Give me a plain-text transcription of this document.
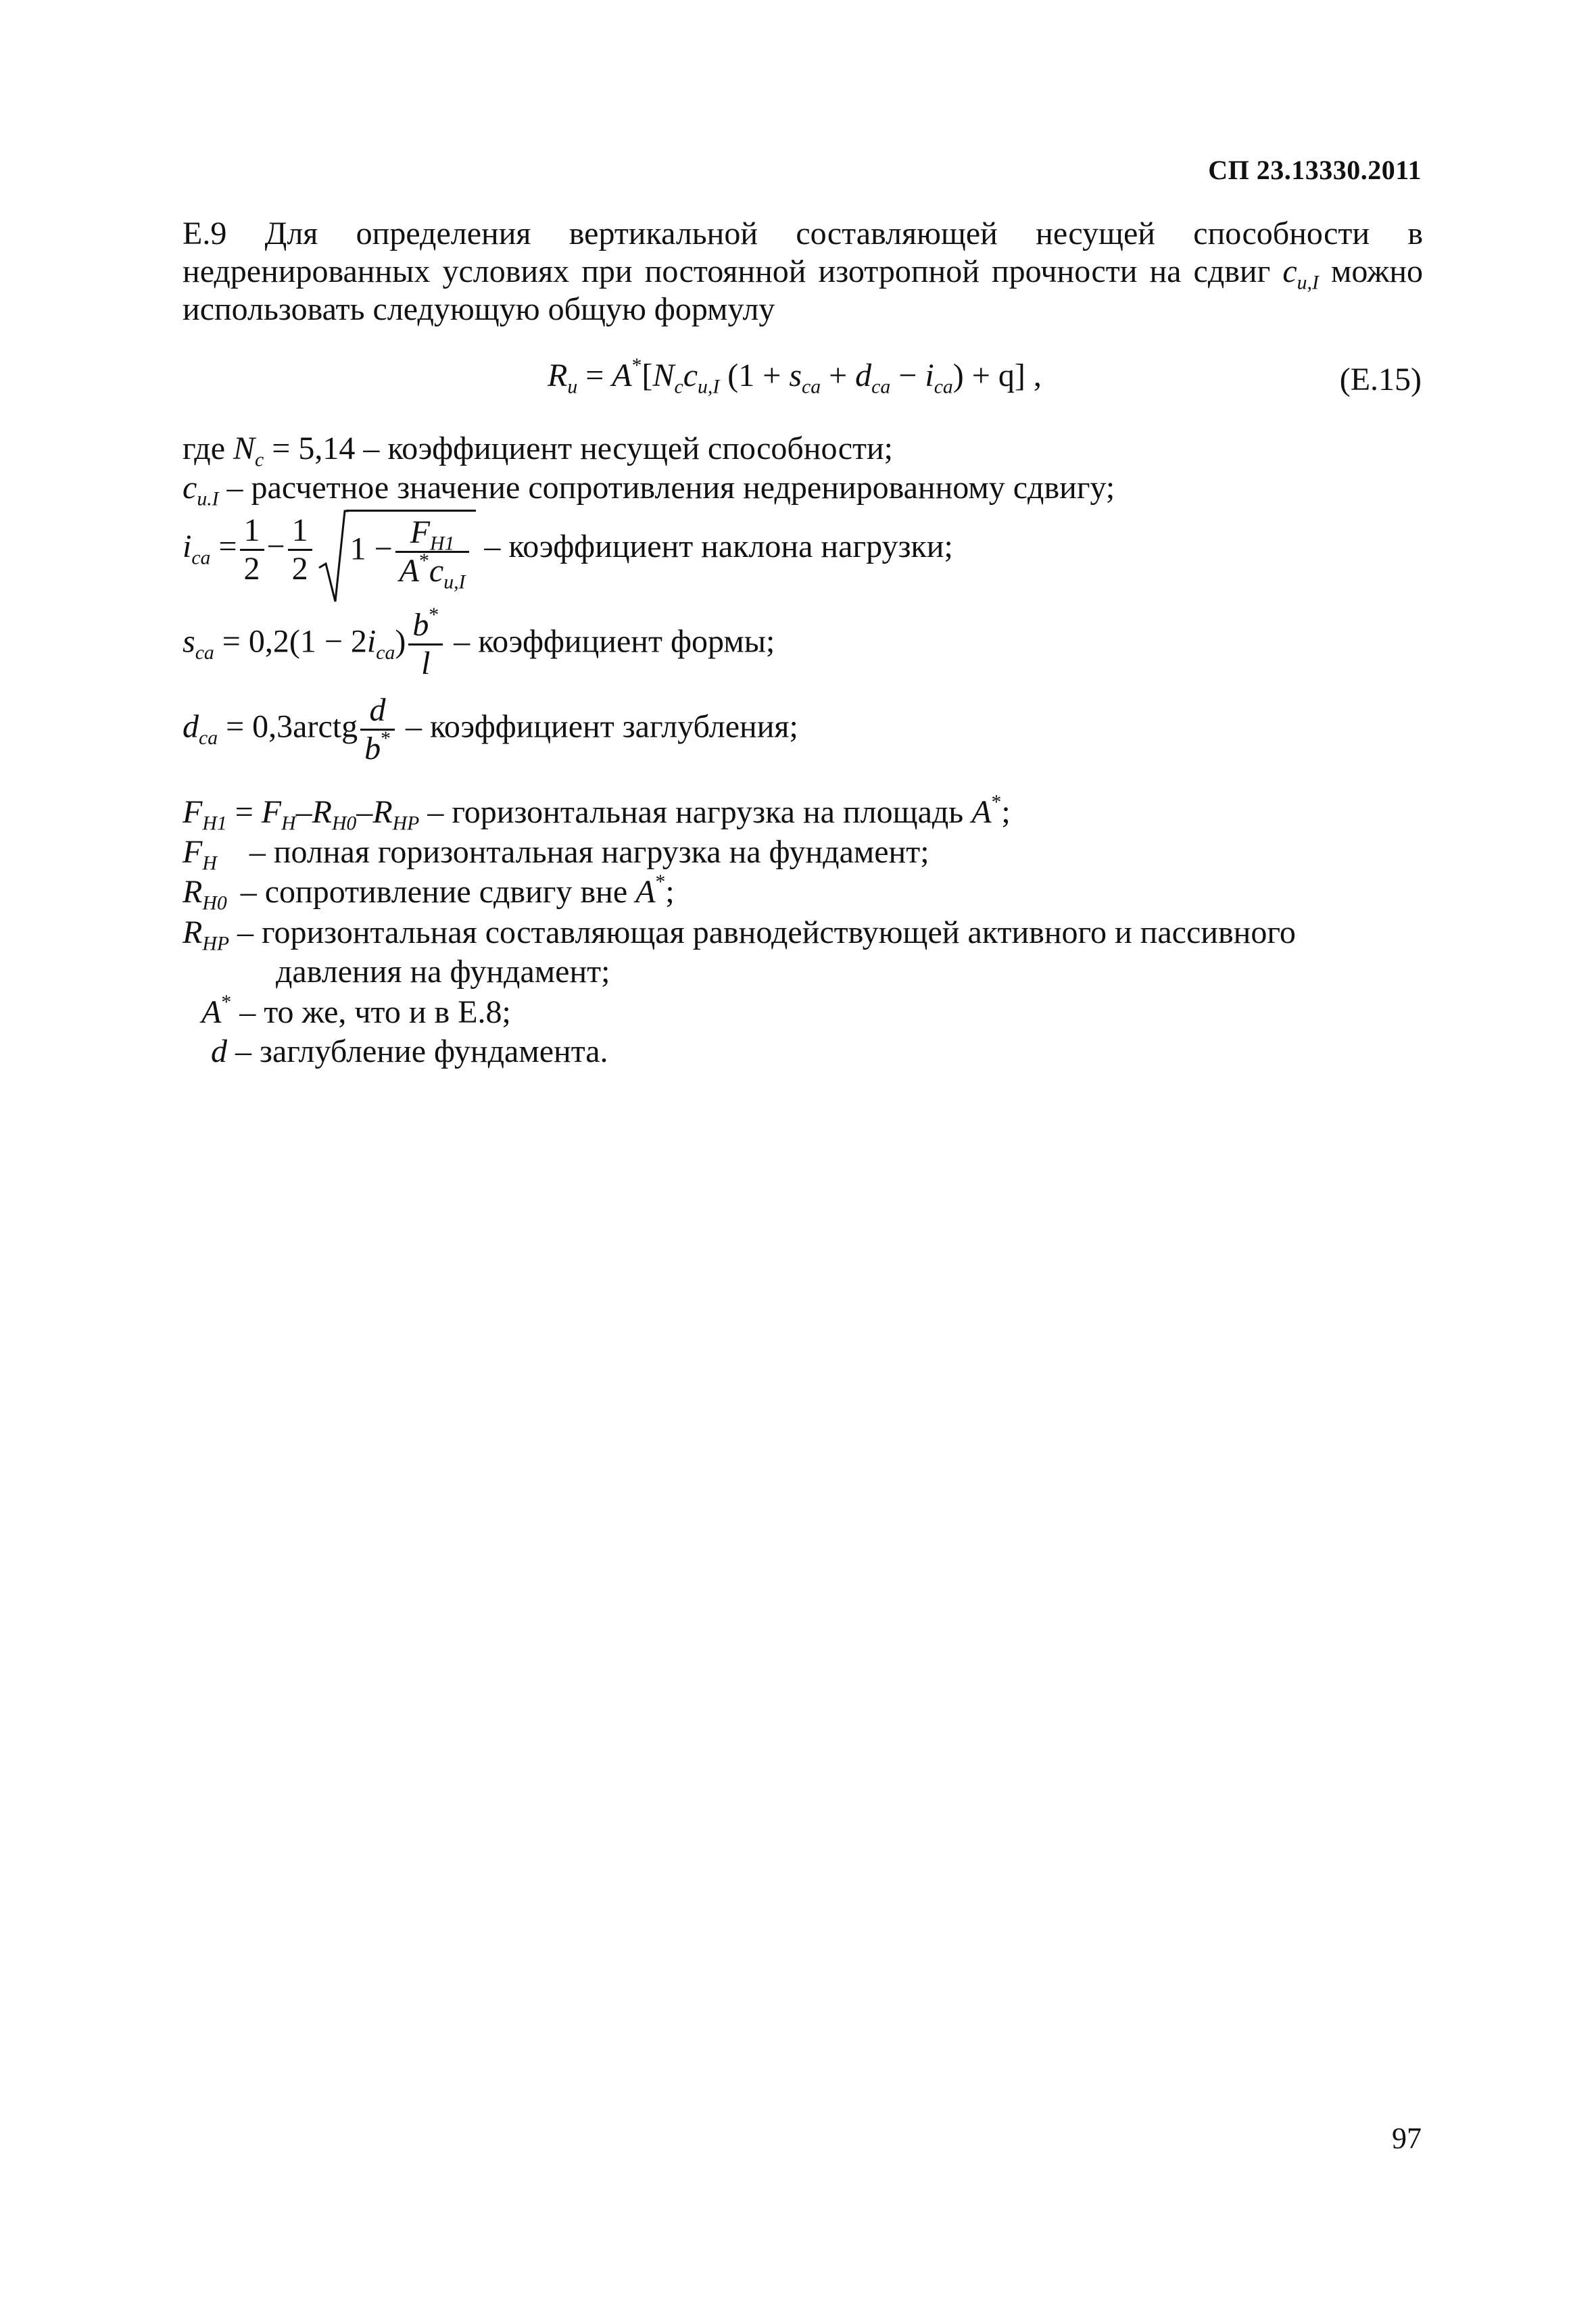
СП 23.13330.2011
Е.9 Для определения вертикальной составляющей несущей способности в
недренированных условиях при постоянной изотропной прочности на сдвиг $c_{u,I}$ можно
использовать следующую общую формулу
$R_u = A^*[N_cc_{u,I}$ $(1 + s_{ca} + d_{ca} - i_{ca}) + q$] ,	(Е.15)
где $N_c = 5,14$ – коэффициент несущей способности;
$c_{u.I}$ – расчетное значение сопротивления недренированному сдвигу;
$i_{ca} = \frac{1}{2} - \frac{1}{2} 1 - \frac{F_{H1}}{A^*c_{u,I}}$ – коэффициент наклона нагрузки;
$s_{ca} = 0,2(1 - 2i_{ca}) \frac{b^*}{l}$ – коэффициент формы;
$d_{ca}$ = 0,3arctg $\frac{d}{b^*}$ – коэффициент заглубления;
$F_{H1} = F_H-R_{H0}-R_{HP}$ – горизонтальная нагрузка на площадь A*;
$F_H$ – полная горизонтальная нагрузка на фундамент;
$R_{H0}$ – сопротивление сдвигу вне A*;
$R_{HP}$ – горизонтальная составляющая равнодействующей активного и пассивного
давления на фундамент;
A* – то же, что и в Е.8;
d – заглубление фундамента.
97
